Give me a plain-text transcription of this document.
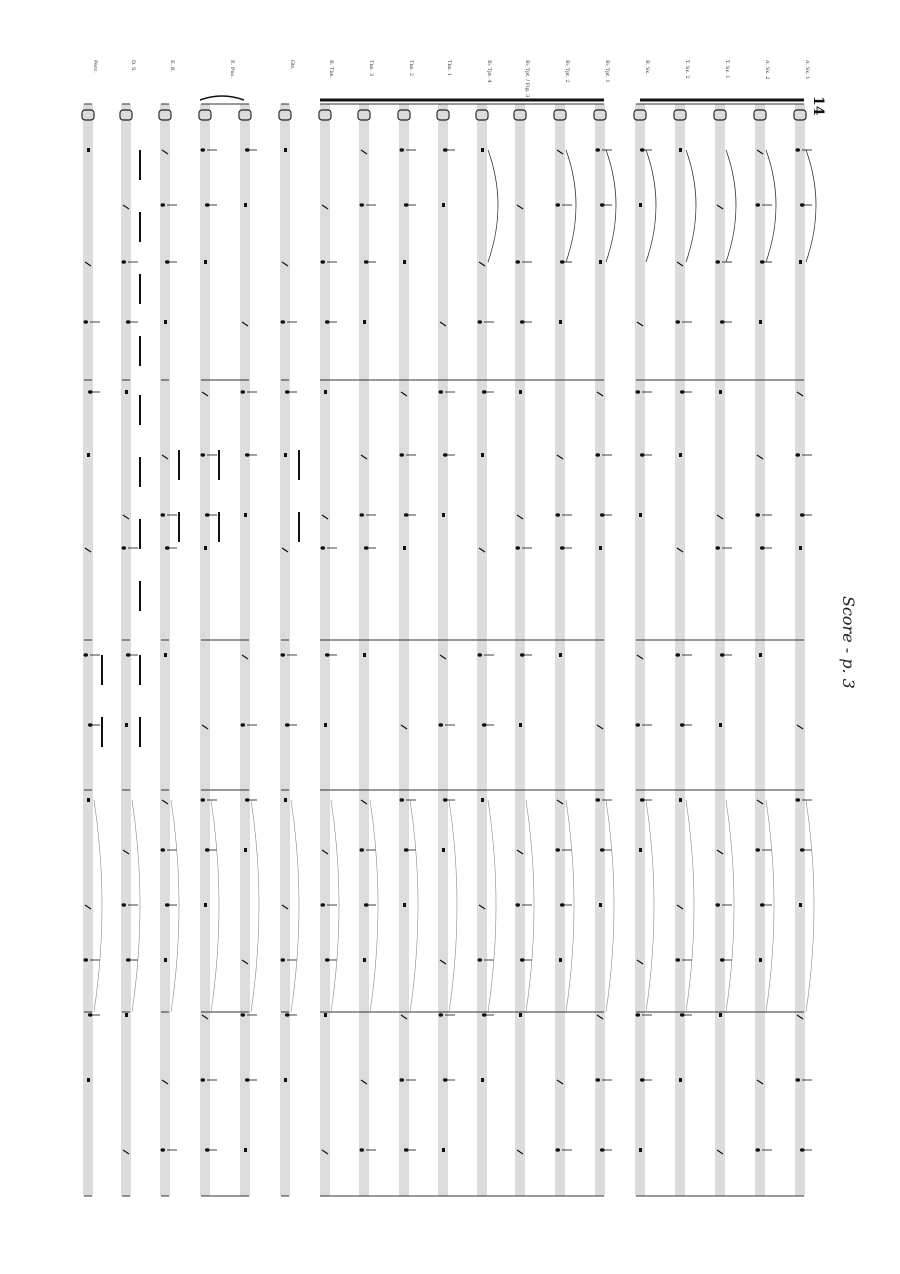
Score - p. 3
14
A. Sx. 1
A. Sx. 2
T. Sx. 1
T. Sx. 2
B. Sx.
B♭ Tpt. 1
B♭ Tpt. 2
B♭ Tpt. / Flg. 3
B♭ Tpt. 4
Tbn. 1
Tbn. 2
Tbn. 3
B. Tbn.
Gtr.
E. Pno.
E. B.
D. S.
Perc.
